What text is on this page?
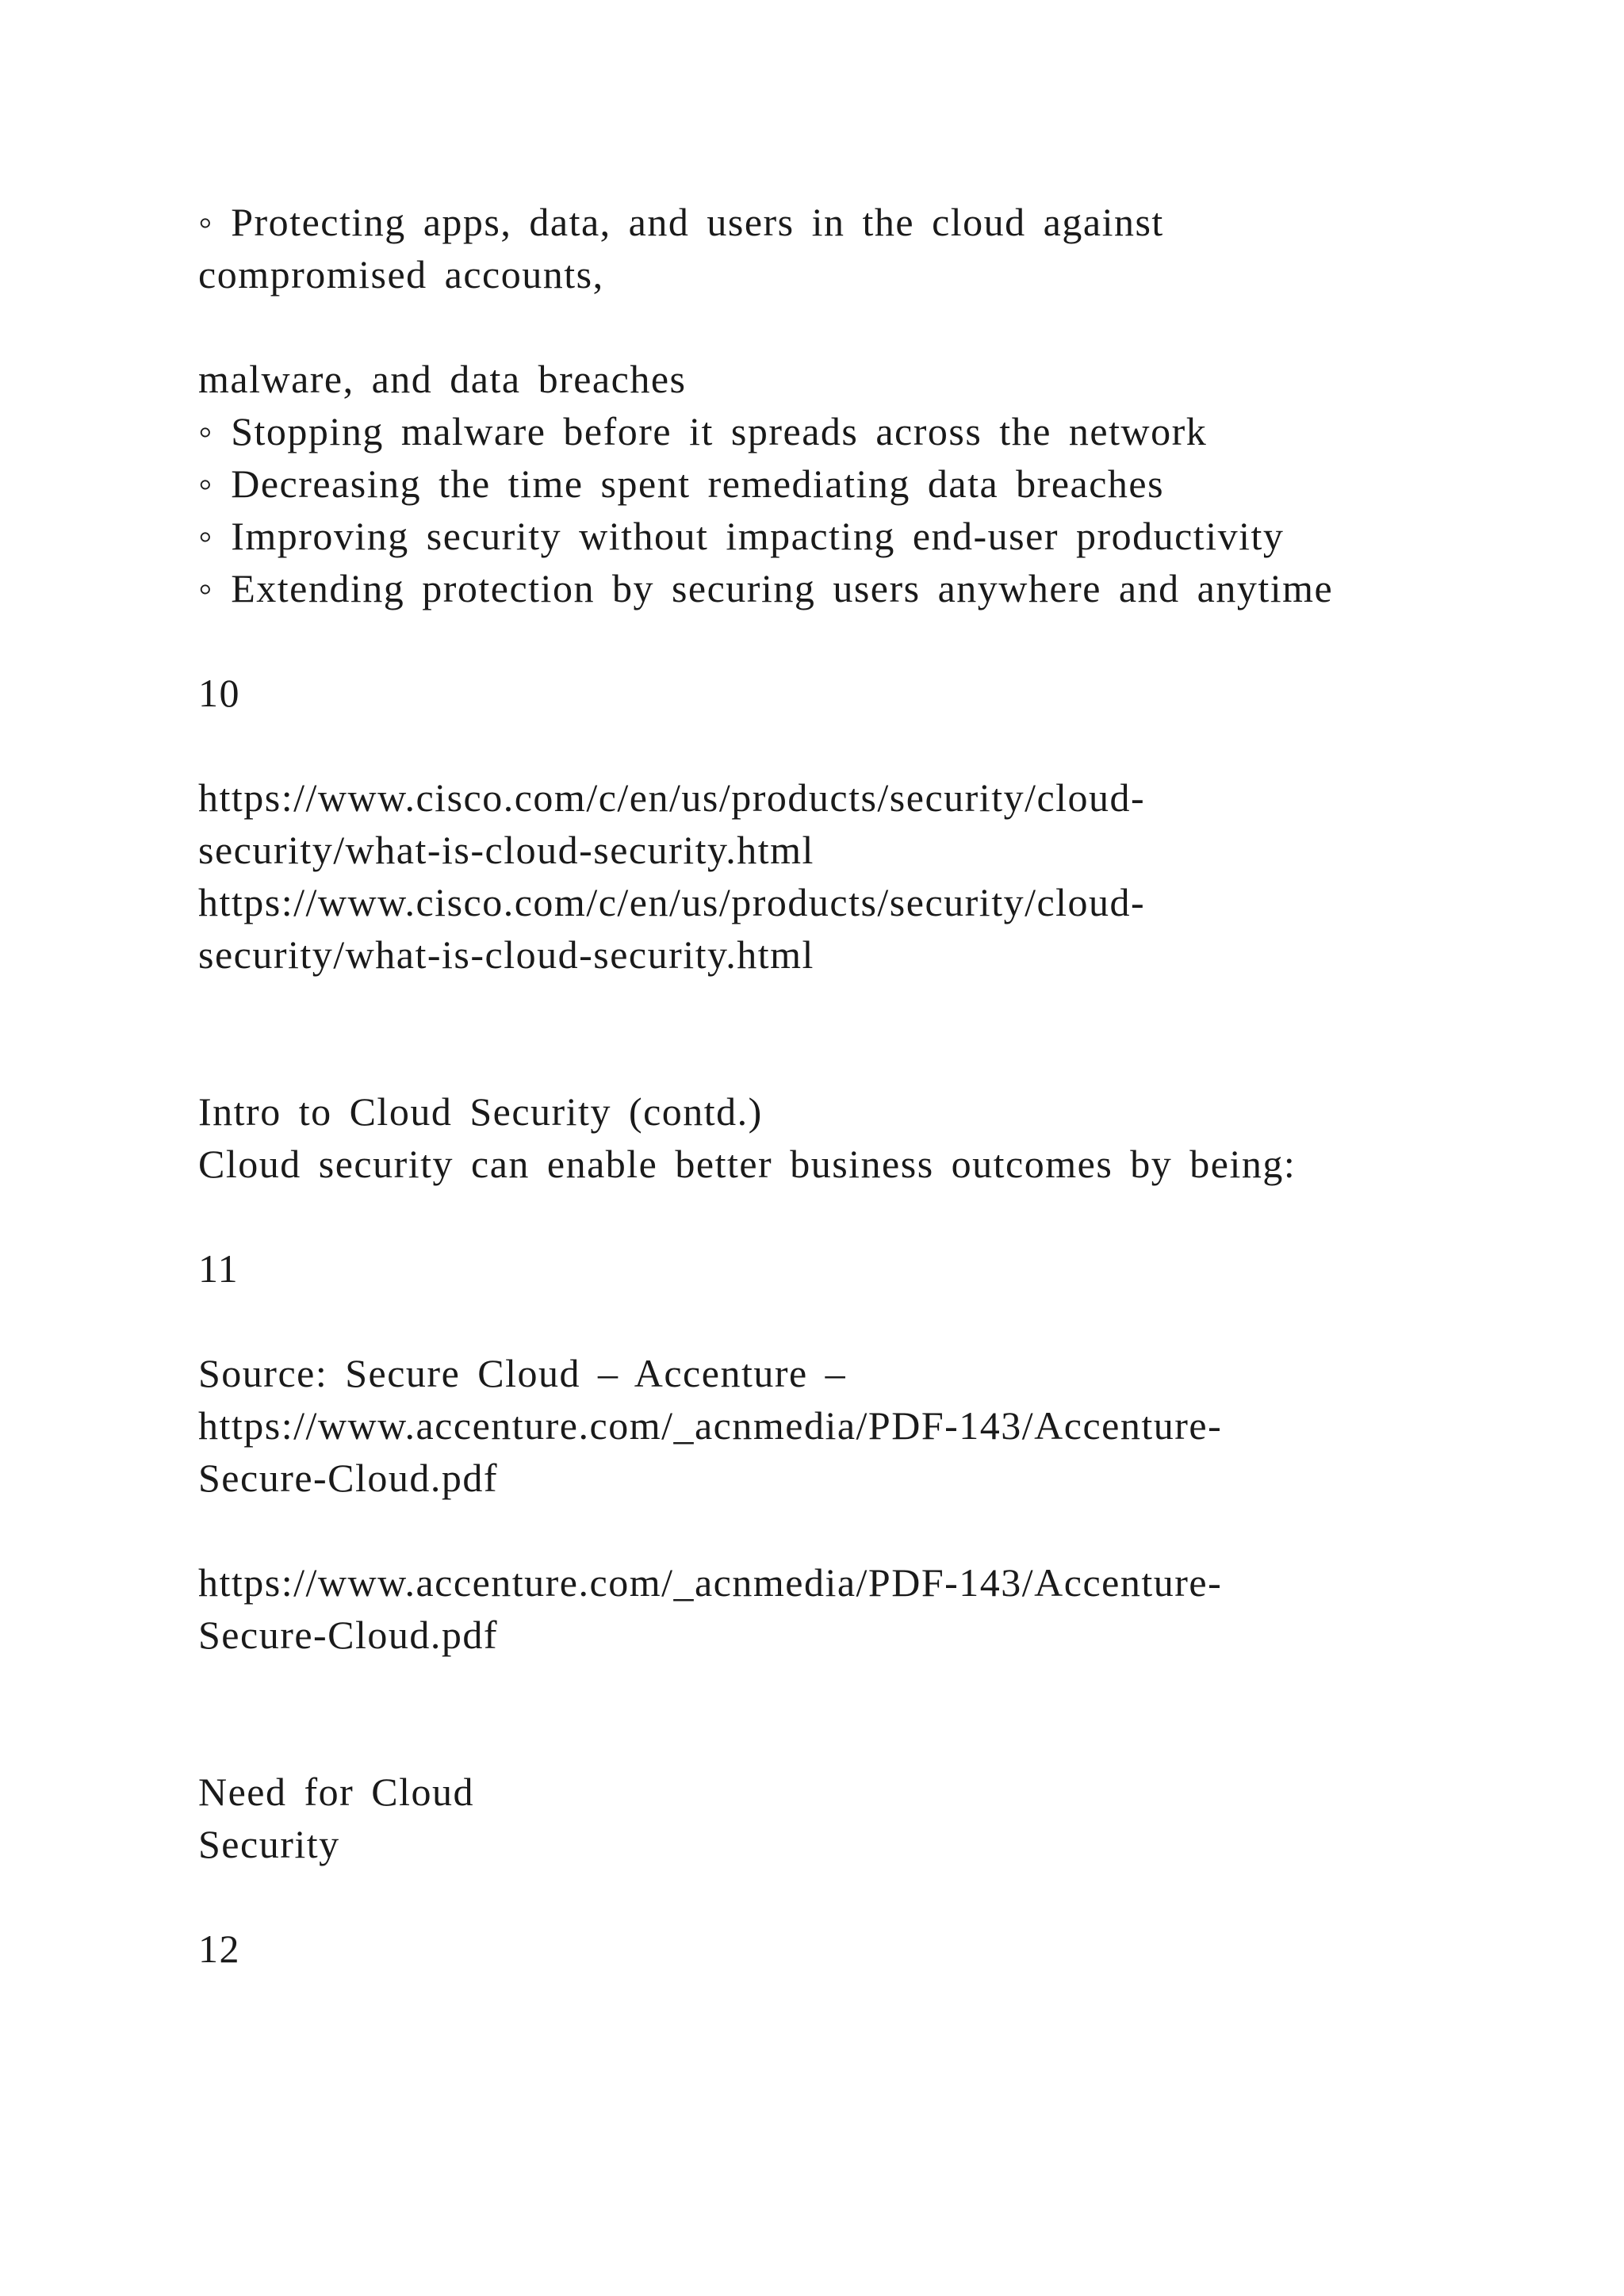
◦ Protecting apps, data, and users in the cloud against
compromised accounts,
malware, and data breaches
◦ Stopping malware before it spreads across the network
◦ Decreasing the time spent remediating data breaches
◦ Improving security without impacting end-user productivity
◦ Extending protection by securing users anywhere and anytime
10
https://www.cisco.com/c/en/us/products/security/cloud-
security/what-is-cloud-security.html
https://www.cisco.com/c/en/us/products/security/cloud-
security/what-is-cloud-security.html
Intro to Cloud Security (contd.)
Cloud security can enable better business outcomes by being:
11
Source: Secure Cloud – Accenture –
https://www.accenture.com/_acnmedia/PDF-143/Accenture-
Secure-Cloud.pdf
https://www.accenture.com/_acnmedia/PDF-143/Accenture-
Secure-Cloud.pdf
Need for Cloud
Security
12
